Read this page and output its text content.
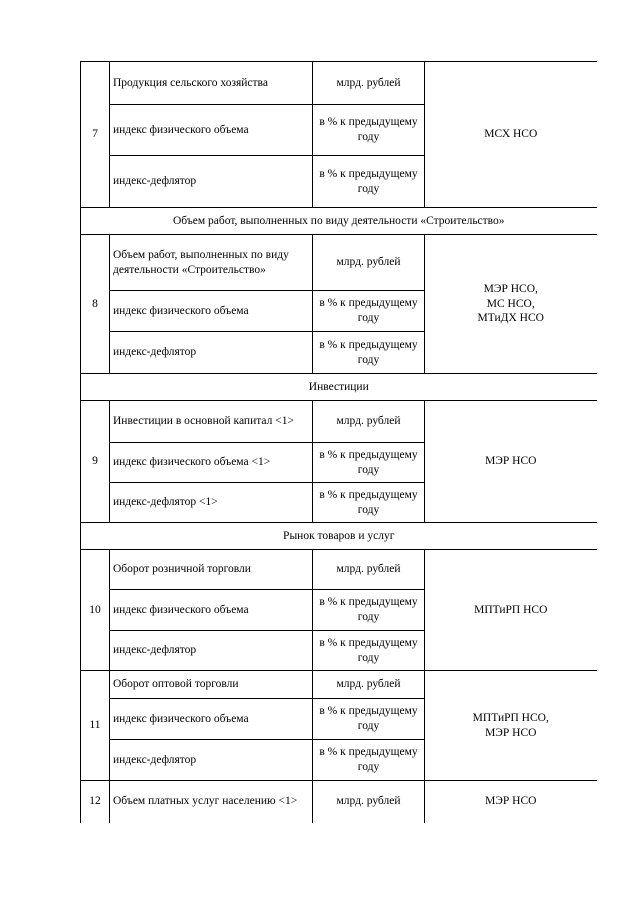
7	Продукция сельского хозяйства	млрд. рублей	МСХ НСО
	индекс физического объема	в % к предыдущему году	
	индекс-дефлятор	в % к предыдущему году	
Объем работ, выполненных по виду деятельности «Строительство»			
8	Объем работ, выполненных по виду деятельности «Строительство»	млрд. рублей	МЭР НСО,
МС НСО,
МТиДХ НСО

	индекс физического объема	в % к предыдущему году	
	индекс-дефлятор	в % к предыдущему году	
Инвестиции			
9	Инвестиции в основной капитал <1>	млрд. рублей	МЭР НСО
	индекс физического объема <1>	в % к предыдущему году	
	индекс-дефлятор <1>	в % к предыдущему году	
Рынок товаров и услуг			
10	Оборот розничной торговли	млрд. рублей	МПТиРП НСО
	индекс физического объема	в % к предыдущему году	
	индекс-дефлятор	в % к предыдущему году	
11	Оборот оптовой торговли	млрд. рублей	МПТиРП НСО,
МЭР НСО

	индекс физического объема	в % к предыдущему году	
	индекс-дефлятор	в % к предыдущему году	
12	Объем платных услуг населению <1>	млрд. рублей	МЭР НСО
